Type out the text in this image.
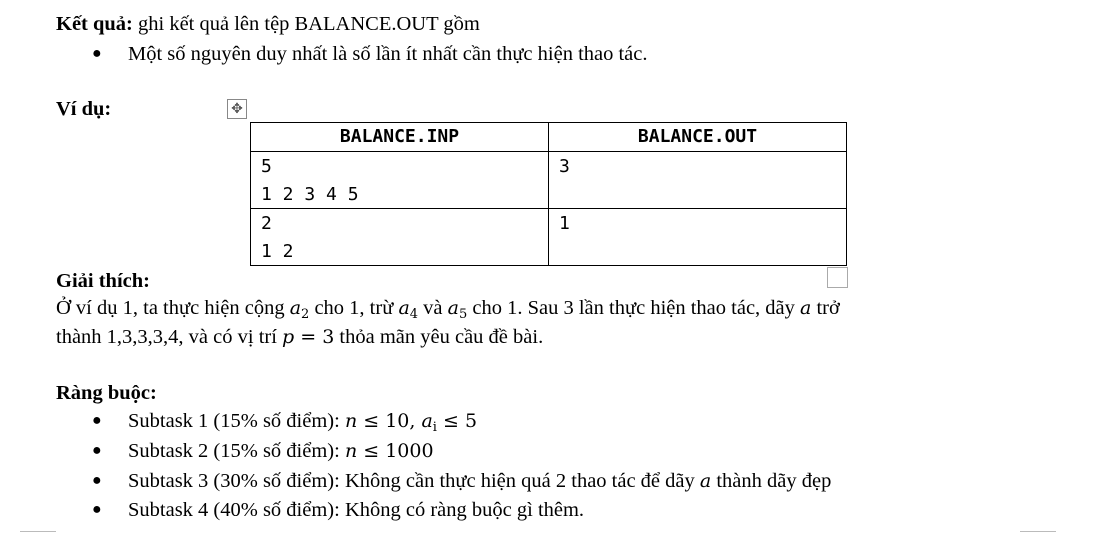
Kết quả: ghi kết quả lên tệp BALANCE.OUT gồm
● Một số nguyên duy nhất là số lần ít nhất cần thực hiện thao tác.
Ví dụ:	✥
BALANCE.INP	BALANCE.OUT

5
1 2 3 4 5	3

2
1 2	1
Giải thích:
Ở ví dụ 1, ta thực hiện cộng $a_2$ cho 1, trừ $a_4$ và $a_5$ cho 1. Sau 3 lần thực hiện thao tác, dãy a trở
thành 1,3,3,3,4, và có vị trí p = 3 thỏa mãn yêu cầu đề bài.
Ràng buộc:
● Subtask 1 (15% số điểm): n ≤ 10, $a_i \le 5$
● Subtask 2 (15% số điểm): n ≤ 1000
● Subtask 3 (30% số điểm): Không cần thực hiện quá 2 thao tác để dãy a thành dãy đẹp
● Subtask 4 (40% số điểm): Không có ràng buộc gì thêm.
